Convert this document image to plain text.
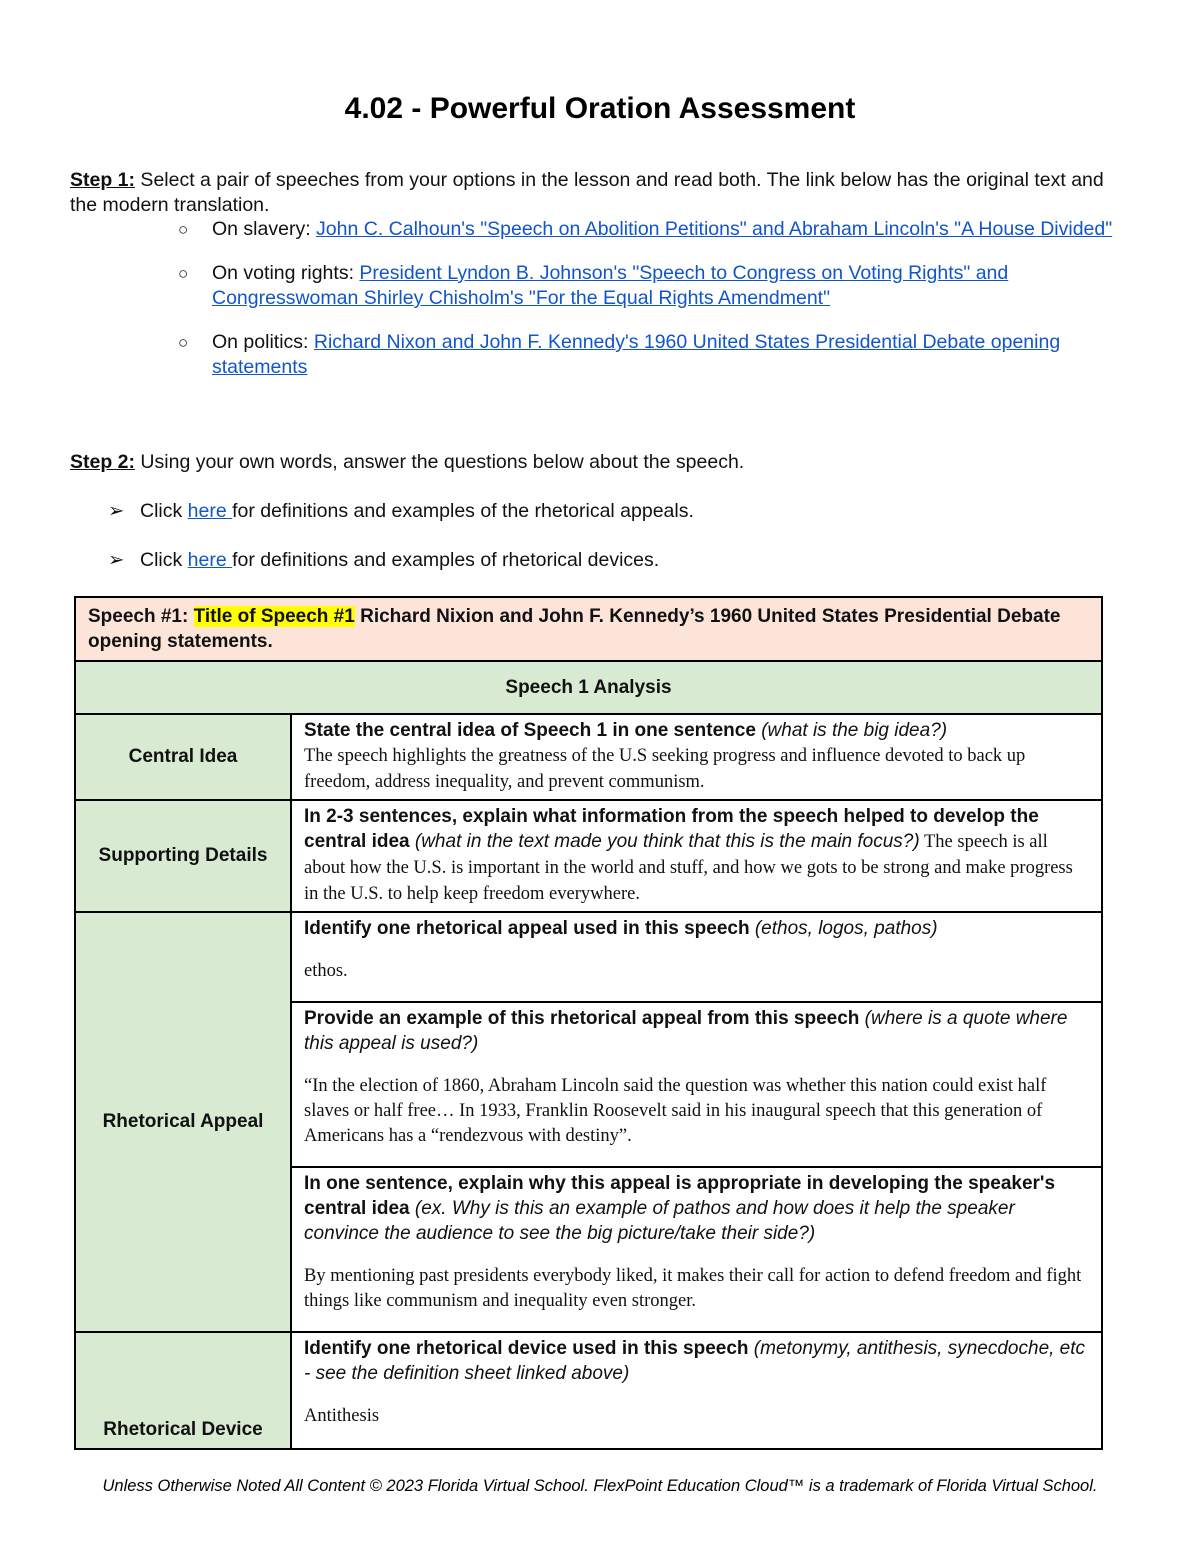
4.02 - Powerful Oration Assessment
Step 1: Select a pair of speeches from your options in the lesson and read both. The link below has the original text and the modern translation.
○ On slavery: John C. Calhoun's "Speech on Abolition Petitions" and Abraham Lincoln's "A House Divided"
○ On voting rights: President Lyndon B. Johnson's "Speech to Congress on Voting Rights" and Congresswoman Shirley Chisholm's "For the Equal Rights Amendment"
○ On politics: Richard Nixon and John F. Kennedy's 1960 United States Presidential Debate opening statements
Step 2: Using your own words, answer the questions below about the speech.
➢ Click here for definitions and examples of the rhetorical appeals.
➢ Click here for definitions and examples of rhetorical devices.
Speech #1: Title of Speech #1 Richard Nixion and John F. Kennedy’s 1960 United States Presidential Debate opening statements.	
Speech 1 Analysis	
Central Idea	State the central idea of Speech 1 in one sentence (what is the big idea?)
The speech highlights the greatness of the U.S seeking progress and influence devoted to back up freedom, address inequality, and prevent communism.
Supporting Details	In 2-3 sentences, explain what information from the speech helped to develop the central idea (what in the text made you think that this is the main focus?) The speech is all about how the U.S. is important in the world and stuff, and how we gots to be strong and make progress in the U.S. to help keep freedom everywhere.
Rhetorical Appeal	Identify one rhetorical appeal used in this speech (ethos, logos, pathos)
ethos.

	Provide an example of this rhetorical appeal from this speech (where is a quote where this appeal is used?)
“In the election of 1860, Abraham Lincoln said the question was whether this nation could exist half slaves or half free… In 1933, Franklin Roosevelt said in his inaugural speech that this generation of Americans has a “rendezvous with destiny”.

	In one sentence, explain why this appeal is appropriate in developing the speaker's central idea (ex. Why is this an example of pathos and how does it help the speaker convince the audience to see the big picture/take their side?)
By mentioning past presidents everybody liked, it makes their call for action to defend freedom and fight things like communism and inequality even stronger.

Rhetorical Device	Identify one rhetorical device used in this speech (metonymy, antithesis, synecdoche, etc - see the definition sheet linked above)
Antithesis
Unless Otherwise Noted All Content © 2023 Florida Virtual School. FlexPoint Education Cloud™ is a trademark of Florida Virtual School.
